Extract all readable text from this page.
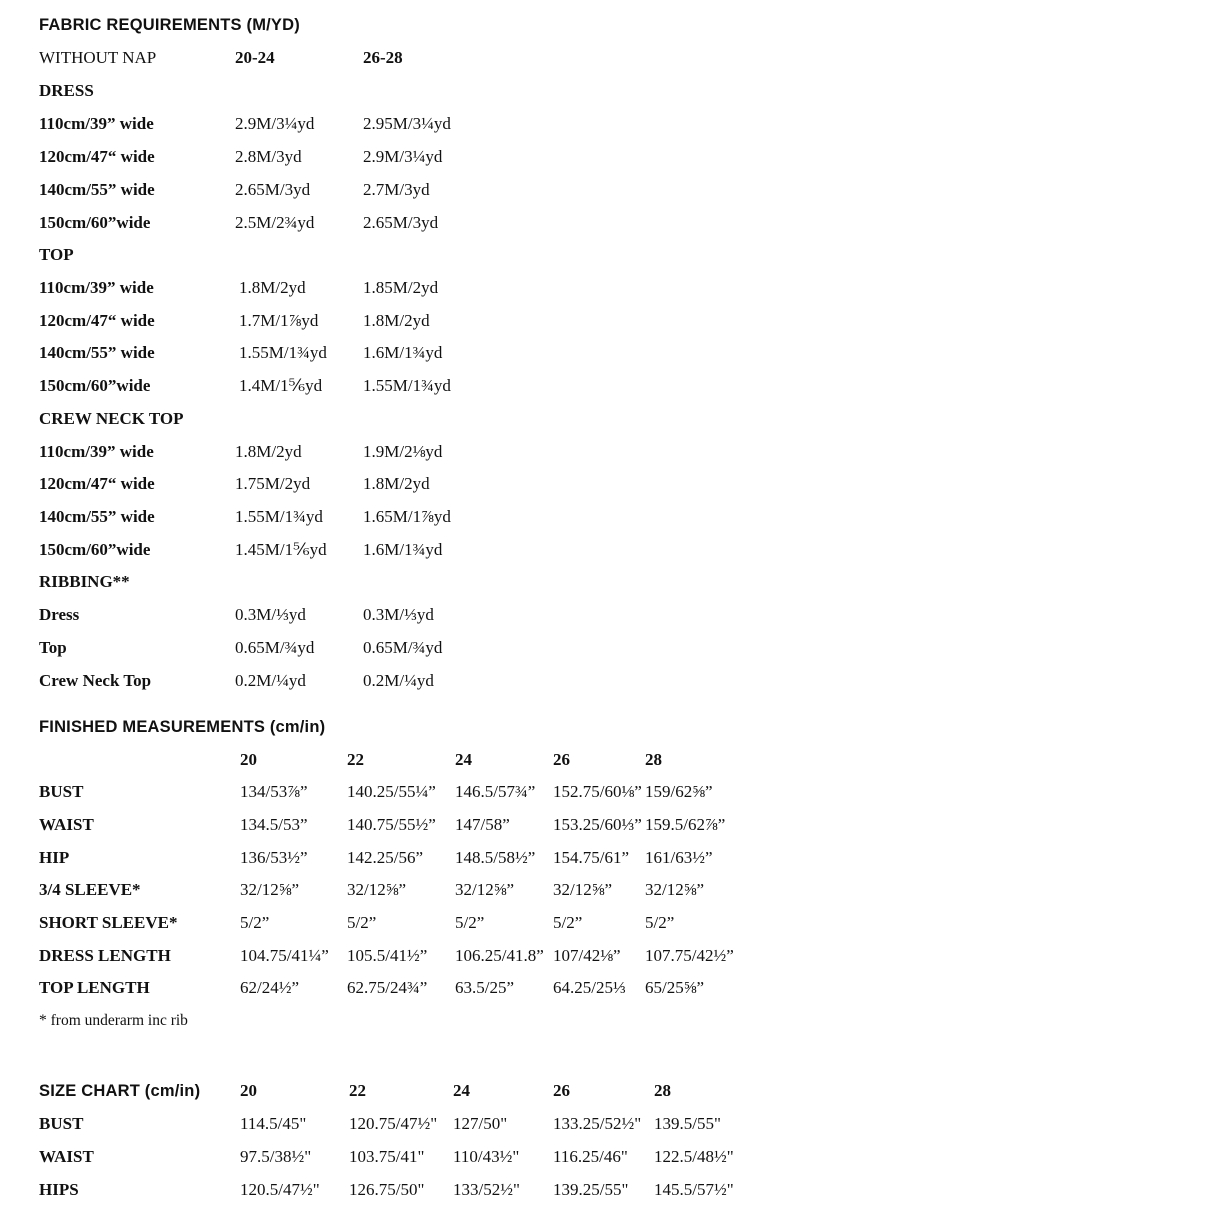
FABRIC REQUIREMENTS (M/YD)
WITHOUT NAP	20-24	26-28
DRESS
110cm/39” wide	2.9M/3¼yd	2.95M/3¼yd
120cm/47“ wide	2.8M/3yd	2.9M/3¼yd
140cm/55” wide	2.65M/3yd	2.7M/3yd
150cm/60”wide	2.5M/2¾yd	2.65M/3yd
TOP
110cm/39” wide	1.8M/2yd	1.85M/2yd
120cm/47“ wide	1.7M/1⅞yd	1.8M/2yd
140cm/55” wide	1.55M/1¾yd 1.6M/1¾yd
150cm/60”wide	1.4M/1⅚yd 1.55M/1¾yd
CREW NECK TOP
110cm/39” wide	1.8M/2yd	1.9M/2⅛yd
120cm/47“ wide	1.75M/2yd	1.8M/2yd
140cm/55” wide	1.55M/1¾yd 1.65M/1⅞yd
150cm/60”wide	1.45M/1⅚yd 1.6M/1¾yd
RIBBING**
Dress	0.3M/⅓yd	0.3M/⅓yd
Top	0.65M/¾yd	0.65M/¾yd
Crew Neck Top	0.2M/¼yd	0.2M/¼yd
FINISHED MEASUREMENTS (cm/in)
20	22	24	26	28
BUST	134/53⅞” 140.25/55¼” 146.5/57¾” 152.75/60⅛” 159/62⅝”
WAIST	134.5/53” 140.75/55½” 147/58”	153.25/60⅓” 159.5/62⅞”
HIP	136/53½” 142.25/56” 148.5/58½” 154.75/61” 161/63½”
3/4 SLEEVE*	32/12⅝”	32/12⅝”	32/12⅝” 32/12⅝” 32/12⅝”
SHORT SLEEVE*	5/2”	5/2”	5/2”	5/2”	5/2”
DRESS LENGTH	104.75/41¼” 105.5/41½” 106.25/41.8” 107/42⅛” 107.75/42½”
TOP LENGTH	62/24½”	62.75/24¾” 63.5/25” 64.25/25⅓ 65/25⅝”
* from underarm inc rib
SIZE CHART (cm/in) 20	22	24	26	28
BUST	114.5/45"	120.75/47½" 127/50"	133.25/52½" 139.5/55"
WAIST	97.5/38½" 103.75/41" 110/43½" 116.25/46" 122.5/48½"
HIPS	120.5/47½" 126.75/50" 133/52½" 139.25/55" 145.5/57½"
